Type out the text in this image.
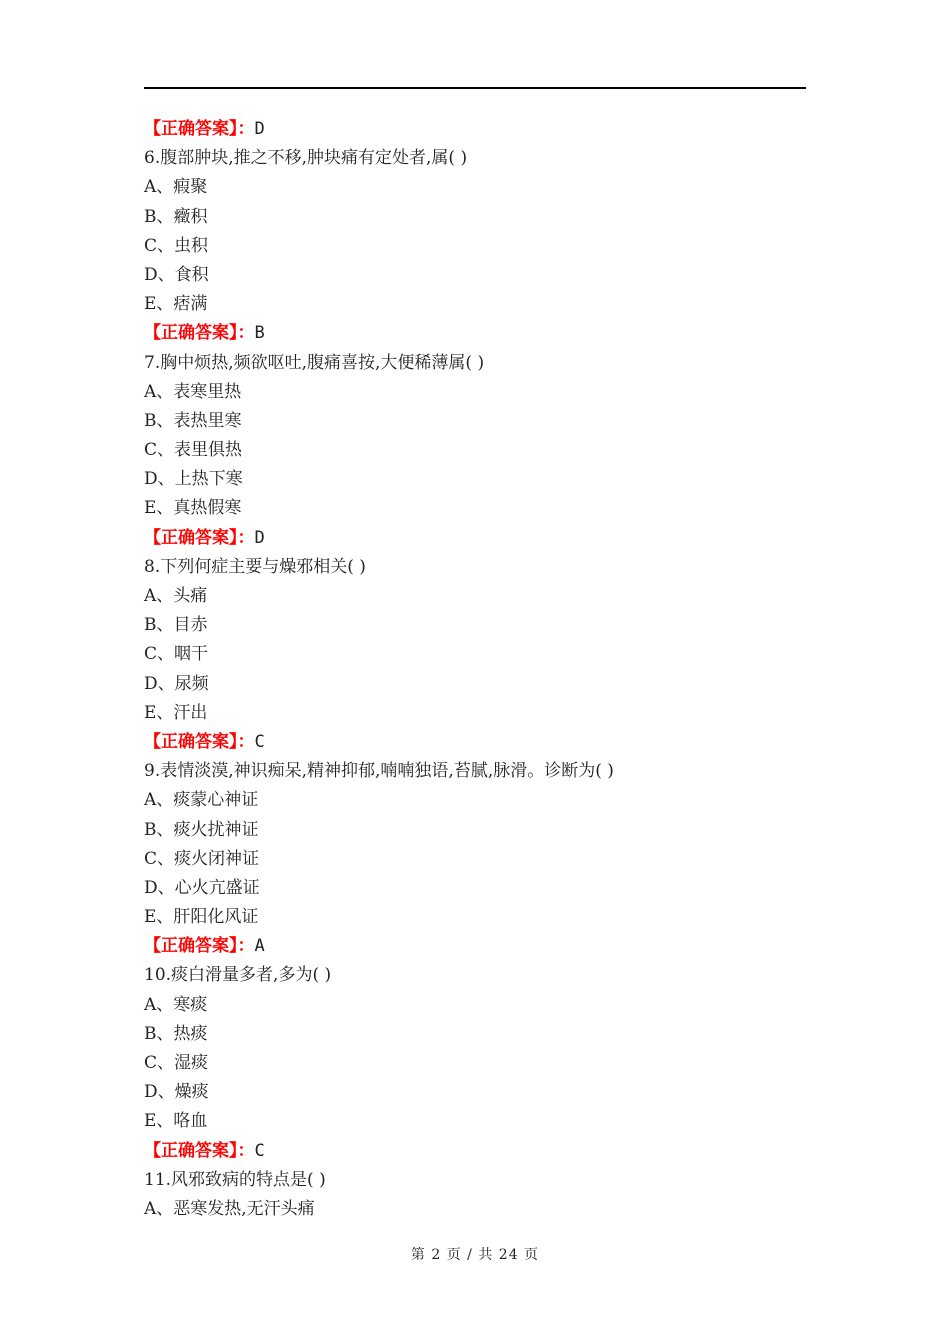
【正确答案】：D
6.腹部肿块,推之不移,肿块痛有定处者,属( )
A、瘕聚
B、癥积
C、虫积
D、食积
E、痞满
【正确答案】：B
7.胸中烦热,频欲呕吐,腹痛喜按,大便稀薄属( )
A、表寒里热
B、表热里寒
C、表里俱热
D、上热下寒
E、真热假寒
【正确答案】：D
8.下列何症主要与燥邪相关( )
A、头痛
B、目赤
C、咽干
D、尿频
E、汗出
【正确答案】：C
9.表情淡漠,神识痴呆,精神抑郁,喃喃独语,苔腻,脉滑。诊断为( )
A、痰蒙心神证
B、痰火扰神证
C、痰火闭神证
D、心火亢盛证
E、肝阳化风证
【正确答案】：A
10.痰白滑量多者,多为( )
A、寒痰
B、热痰
C、湿痰
D、燥痰
E、咯血
【正确答案】：C
11.风邪致病的特点是( )
A、恶寒发热,无汗头痛
第 2 页 / 共 24 页
